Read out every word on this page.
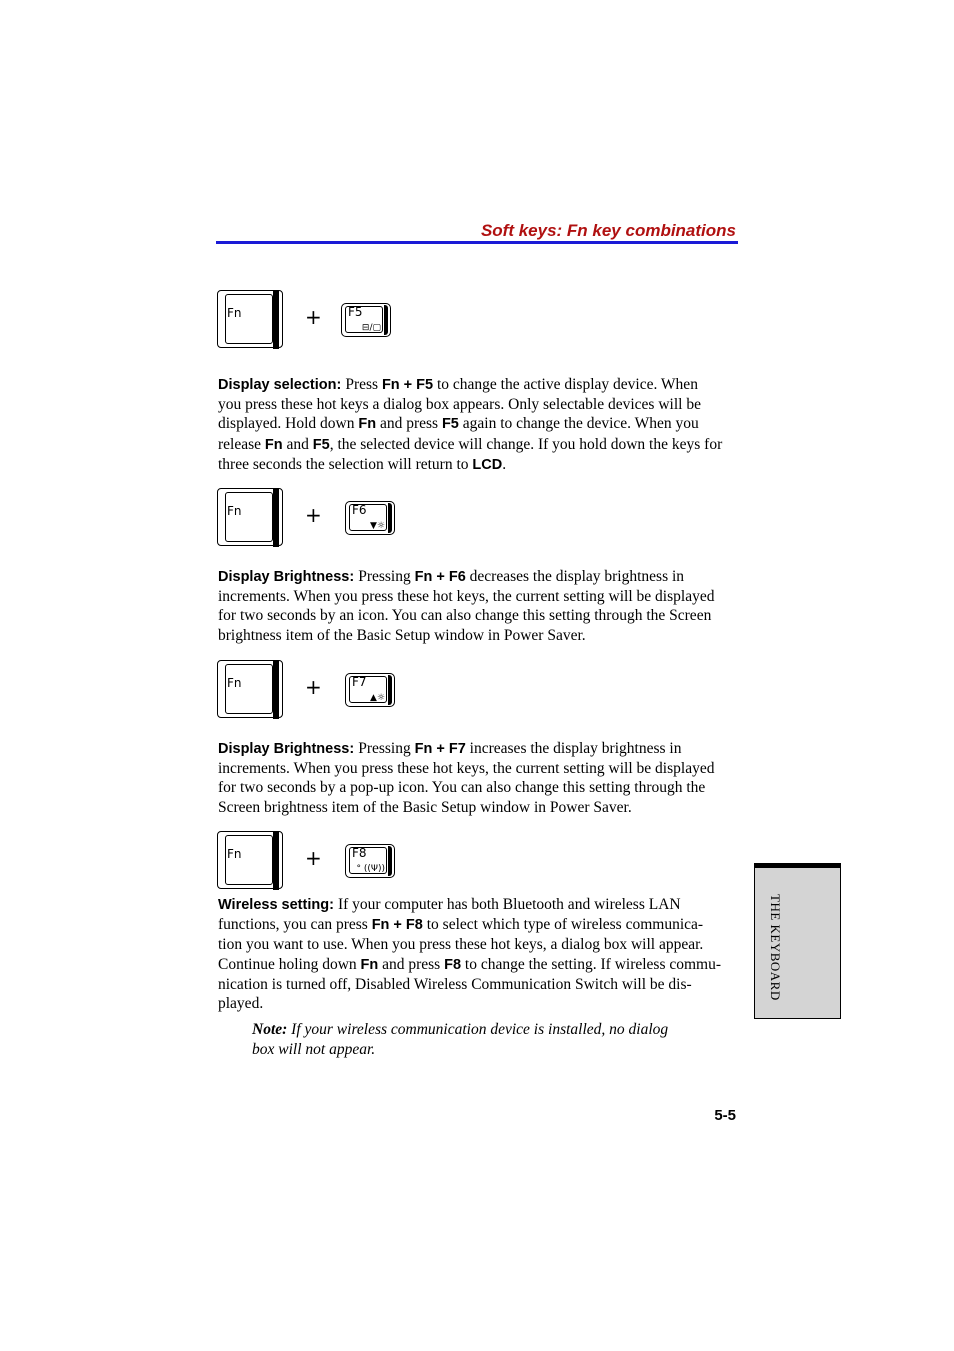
Soft keys: Fn key combinations
Fn	+ F5
⊟/▢
Display selection: Press Fn + F5 to change the active display device. When
you press these hot keys a dialog box appears. Only selectable devices will be
displayed. Hold down Fn and press F5 again to change the device. When you
release Fn and F5, the selected device will change. If you hold down the keys for
three seconds the selection will return to LCD.
Fn	+	F6
▼☼
Display Brightness: Pressing Fn + F6 decreases the display brightness in
increments. When you press these hot keys, the current setting will be displayed
for two seconds by an icon. You can also change this setting through the Screen
brightness item of the Basic Setup window in Power Saver.
Fn	+	F7
▲☼
Display Brightness: Pressing Fn + F7 increases the display brightness in
increments. When you press these hot keys, the current setting will be displayed
for two seconds by a pop-up icon. You can also change this setting through the
Screen brightness item of the Basic Setup window in Power Saver.
Fn	+	F8
° ((Ψ))
Wireless setting: If your computer has both Bluetooth and wireless LAN
functions, you can press Fn + F8 to select which type of wireless communica-
tion you want to use. When you press these hot keys, a dialog box will appear.
Continue holing down Fn and press F8 to change the setting. If wireless commu-
nication is turned off, Disabled Wireless Communication Switch will be dis-
played.
Note: If your wireless communication device is installed, no dialog
box will not appear.
5-5
THE KEYBOARD
